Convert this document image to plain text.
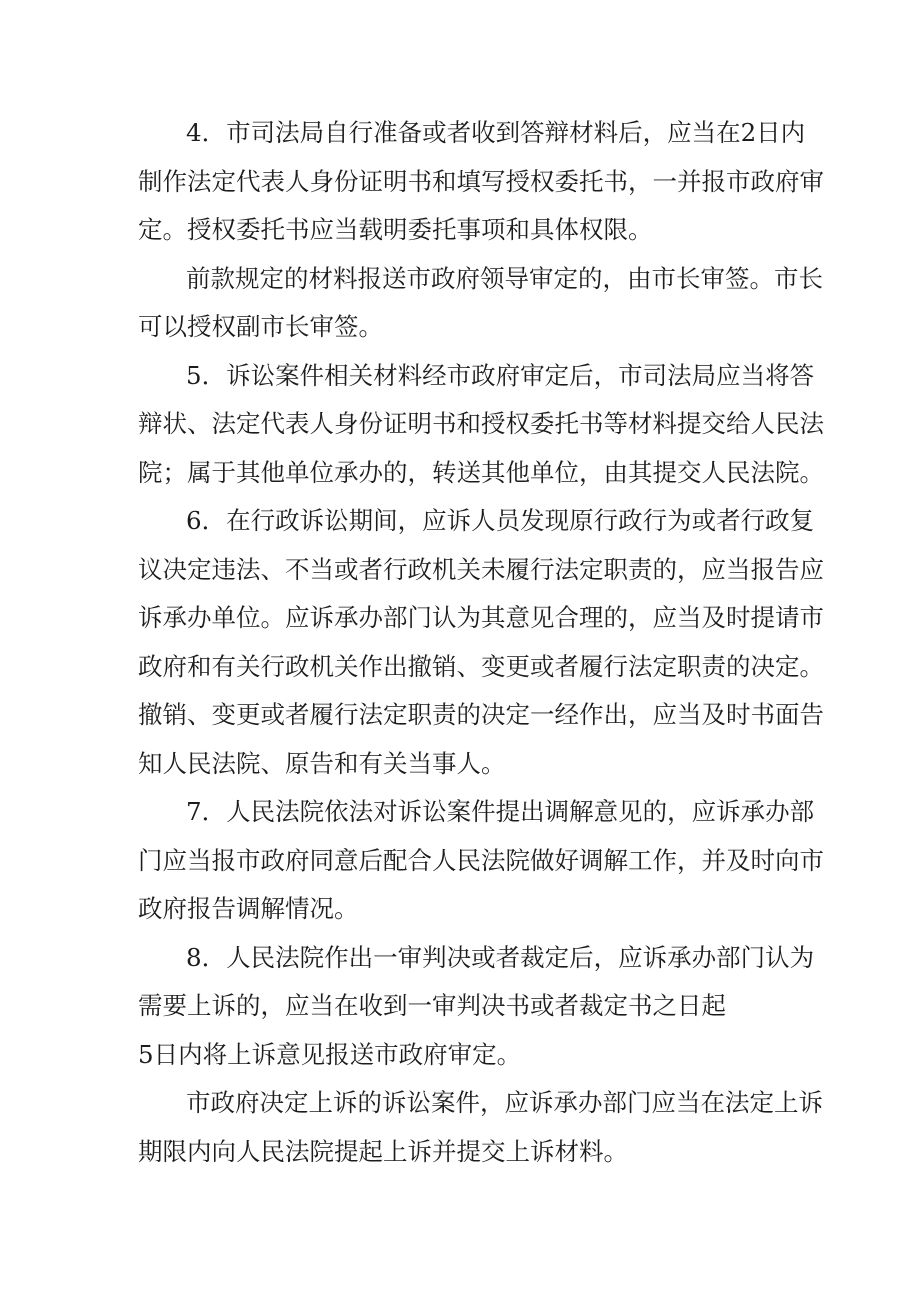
4．市司法局自行准备或者收到答辩材料后，应当在2日内
制作法定代表人身份证明书和填写授权委托书，一并报市政府审
定。授权委托书应当载明委托事项和具体权限。
前款规定的材料报送市政府领导审定的，由市长审签。市长
可以授权副市长审签。
5．诉讼案件相关材料经市政府审定后，市司法局应当将答
辩状、法定代表人身份证明书和授权委托书等材料提交给人民法
院；属于其他单位承办的，转送其他单位，由其提交人民法院。
6．在行政诉讼期间，应诉人员发现原行政行为或者行政复
议决定违法、不当或者行政机关未履行法定职责的，应当报告应
诉承办单位。应诉承办部门认为其意见合理的，应当及时提请市
政府和有关行政机关作出撤销、变更或者履行法定职责的决定。
撤销、变更或者履行法定职责的决定一经作出，应当及时书面告
知人民法院、原告和有关当事人。
7．人民法院依法对诉讼案件提出调解意见的，应诉承办部
门应当报市政府同意后配合人民法院做好调解工作，并及时向市
政府报告调解情况。
8．人民法院作出一审判决或者裁定后，应诉承办部门认为
需要上诉的，应当在收到一审判决书或者裁定书之日起
5日内将上诉意见报送市政府审定。
市政府决定上诉的诉讼案件，应诉承办部门应当在法定上诉
期限内向人民法院提起上诉并提交上诉材料。
